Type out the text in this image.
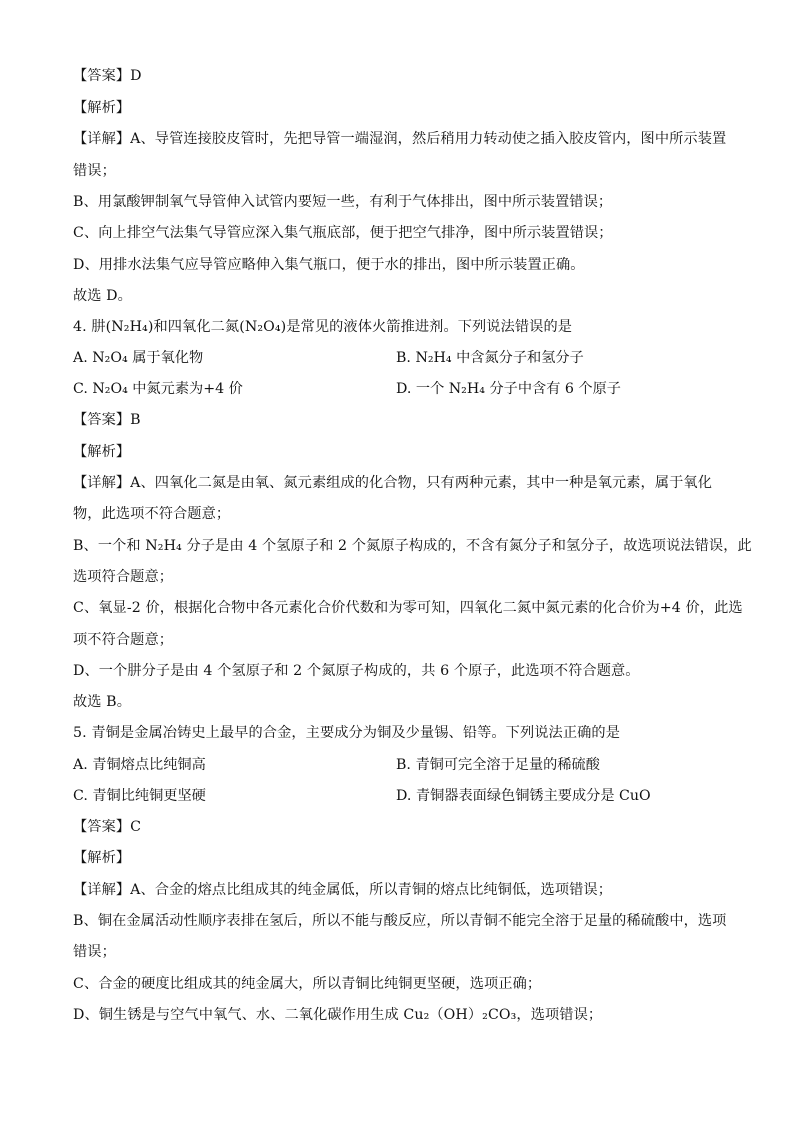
【答案】D
【解析】
【详解】A、导管连接胶皮管时，先把导管一端湿润，然后稍用力转动使之插入胶皮管内，图中所示装置
错误；
B、用氯酸钾制氧气导管伸入试管内要短一些，有利于气体排出，图中所示装置错误；
C、向上排空气法集气导管应深入集气瓶底部，便于把空气排净，图中所示装置错误；
D、用排水法集气应导管应略伸入集气瓶口，便于水的排出，图中所示装置正确。
故选 D。
4. 肼(N₂H₄)和四氧化二氮(N₂O₄)是常见的液体火箭推进剂。下列说法错误的是
A. N₂O₄ 属于氧化物	B. N₂H₄ 中含氮分子和氢分子
C. N₂O₄ 中氮元素为+4 价	D. 一个 N₂H₄ 分子中含有 6 个原子
【答案】B
【解析】
【详解】A、四氧化二氮是由氧、氮元素组成的化合物，只有两种元素，其中一种是氧元素，属于氧化
物，此选项不符合题意；
B、一个和 N₂H₄ 分子是由 4 个氢原子和 2 个氮原子构成的，不含有氮分子和氢分子，故选项说法错误，此
选项符合题意；
C、氧显-2 价，根据化合物中各元素化合价代数和为零可知，四氧化二氮中氮元素的化合价为+4 价，此选
项不符合题意；
D、一个肼分子是由 4 个氢原子和 2 个氮原子构成的，共 6 个原子，此选项不符合题意。
故选 B。
5. 青铜是金属冶铸史上最早的合金，主要成分为铜及少量锡、铅等。下列说法正确的是
A. 青铜熔点比纯铜高	B. 青铜可完全溶于足量的稀硫酸
C. 青铜比纯铜更坚硬	D. 青铜器表面绿色铜锈主要成分是 CuO
【答案】C
【解析】
【详解】A、合金的熔点比组成其的纯金属低，所以青铜的熔点比纯铜低，选项错误；
B、铜在金属活动性顺序表排在氢后，所以不能与酸反应，所以青铜不能完全溶于足量的稀硫酸中，选项
错误；
C、合金的硬度比组成其的纯金属大，所以青铜比纯铜更坚硬，选项正确；
D、铜生锈是与空气中氧气、水、二氧化碳作用生成 Cu₂（OH）₂CO₃，选项错误；
